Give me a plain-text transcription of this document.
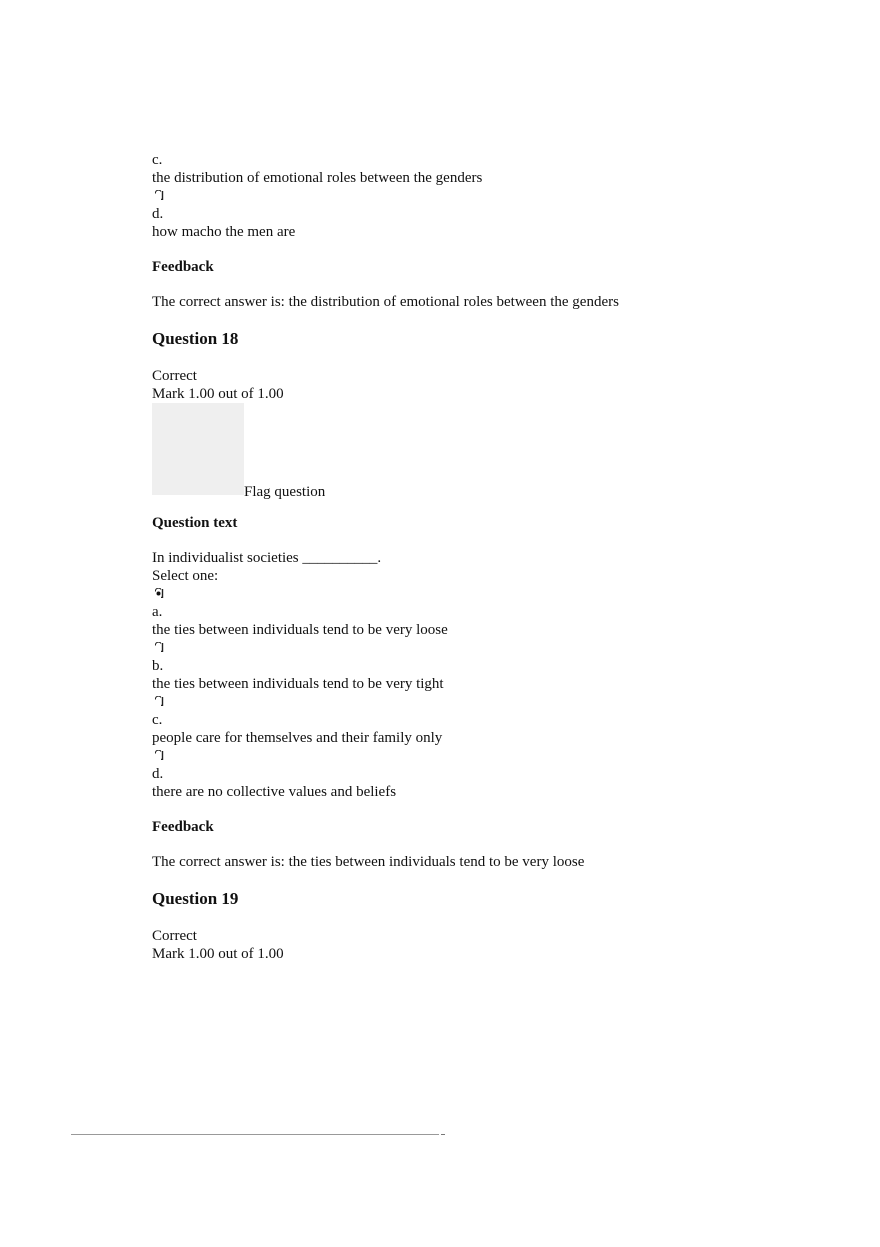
c.
the distribution of emotional roles between the genders
d.
how macho the men are
Feedback
The correct answer is: the distribution of emotional roles between the genders
Question 18
Correct
Mark 1.00 out of 1.00
Flag question
Question text
In individualist societies __________.
Select one:
a.
the ties between individuals tend to be very loose
b.
the ties between individuals tend to be very tight
c.
people care for themselves and their family only
d.
there are no collective values and beliefs
Feedback
The correct answer is: the ties between individuals tend to be very loose
Question 19
Correct
Mark 1.00 out of 1.00
